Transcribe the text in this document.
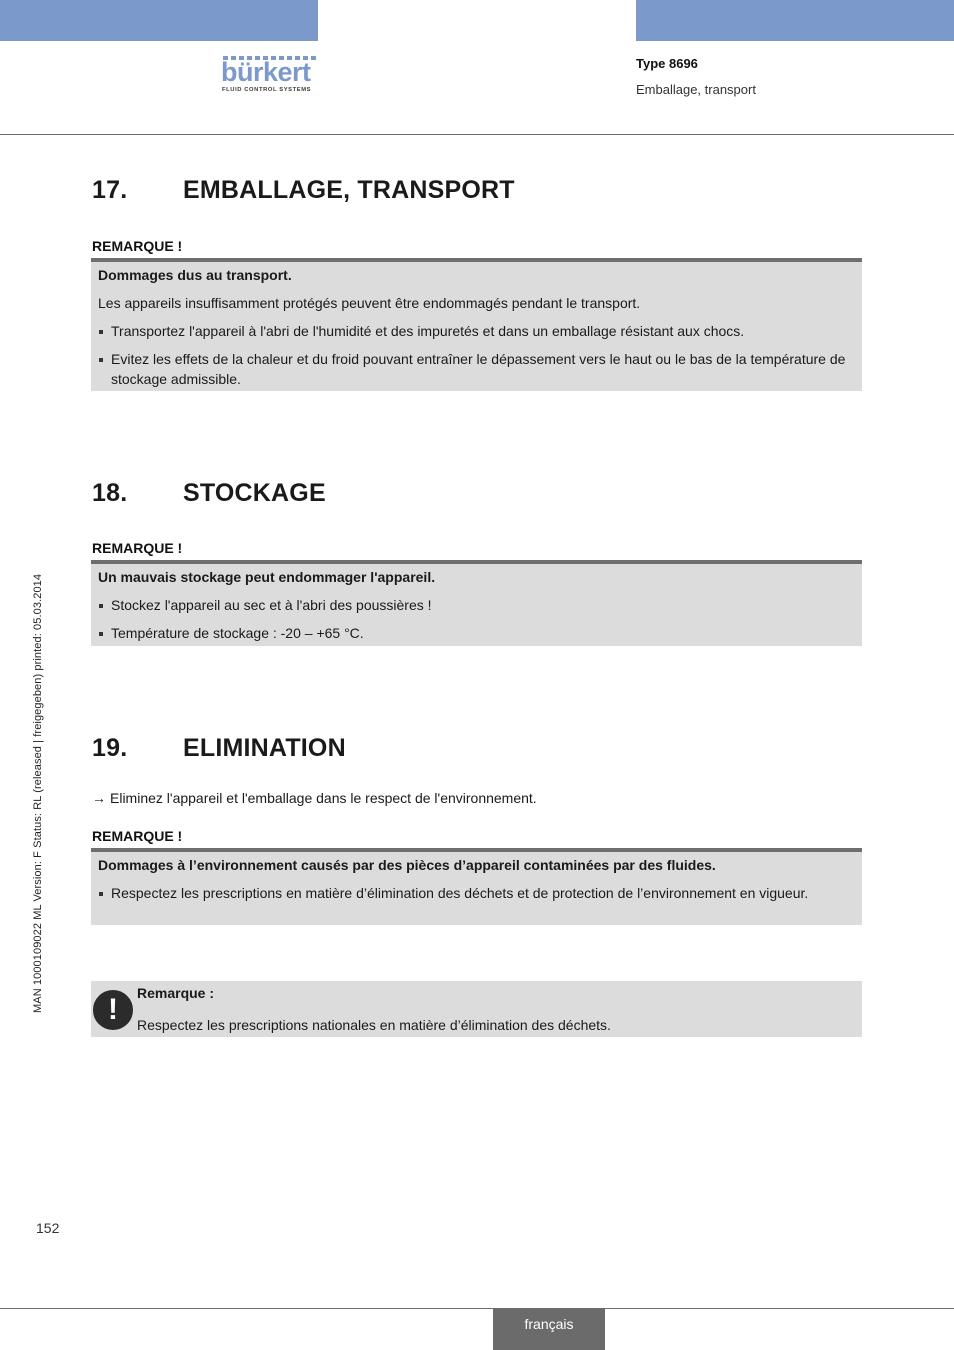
bürkert
FLUID CONTROL SYSTEMS
Type 8696
Emballage, transport
17. EMBALLAGE, TRANSPORT
REMARQUE !
Dommages dus au transport.
Les appareils insuffisamment protégés peuvent être endommagés pendant le transport.
Transportez l'appareil à l'abri de l'humidité et des impuretés et dans un emballage résistant aux chocs.
Evitez les effets de la chaleur et du froid pouvant entraîner le dépassement vers le haut ou le bas de la température de stockage admissible.
18. STOCKAGE
REMARQUE !
Un mauvais stockage peut endommager l'appareil.
Stockez l'appareil au sec et à l'abri des poussières !
Température de stockage : -20 – +65 °C.
19. ELIMINATION
→ Eliminez l'appareil et l'emballage dans le respect de l'environnement.
REMARQUE !
Dommages à l’environnement causés par des pièces d’appareil contaminées par des fluides.
Respectez les prescriptions en matière d’élimination des déchets et de protection de l’environnement en vigueur.
!	Remarque :
Respectez les prescriptions nationales en matière d’élimination des déchets.
MAN 1000109022 ML Version: F Status: RL (released | freigegeben) printed: 05.03.2014
152
français
